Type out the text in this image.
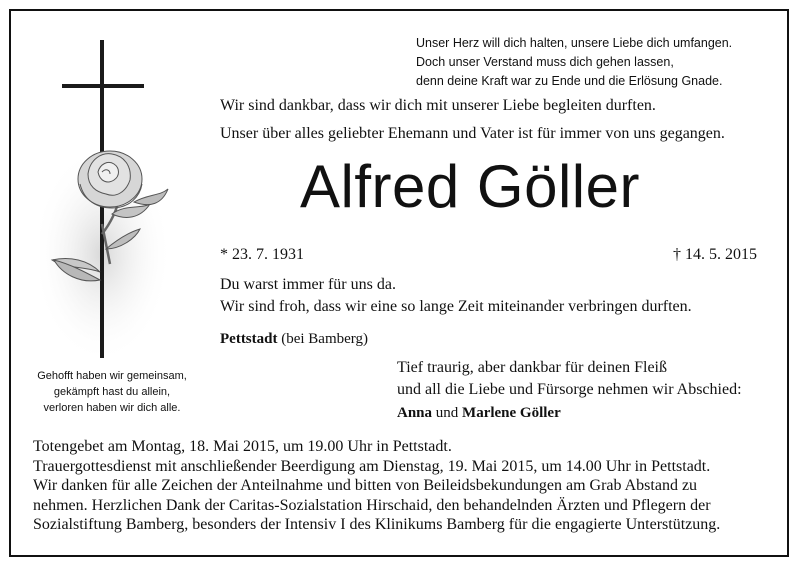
Unser Herz will dich halten, unsere Liebe dich umfangen.
Doch unser Verstand muss dich gehen lassen,
denn deine Kraft war zu Ende und die Erlösung Gnade.
Wir sind dankbar, dass wir dich mit unserer Liebe begleiten durften.
Unser über alles geliebter Ehemann und Vater ist für immer von uns gegangen.
Alfred Göller
* 23. 7. 1931	† 14. 5. 2015
Du warst immer für uns da.
Wir sind froh, dass wir eine so lange Zeit miteinander verbringen durften.
Pettstadt (bei Bamberg)
Tief traurig, aber dankbar für deinen Fleiß
und all die Liebe und Fürsorge nehmen wir Abschied:
Anna und Marlene Göller
Gehofft haben wir gemeinsam,
gekämpft hast du allein,
verloren haben wir dich alle.
Totengebet am Montag, 18. Mai 2015, um 19.00 Uhr in Pettstadt.
Trauergottesdienst mit anschließender Beerdigung am Dienstag, 19. Mai 2015, um 14.00 Uhr in Pettstadt.
Wir danken für alle Zeichen der Anteilnahme und bitten von Beileidsbekundungen am Grab Abstand zu
nehmen. Herzlichen Dank der Caritas-Sozialstation Hirschaid, den behandelnden Ärzten und Pflegern der
Sozialstiftung Bamberg, besonders der Intensiv I des Klinikums Bamberg für die engagierte Unterstützung.
